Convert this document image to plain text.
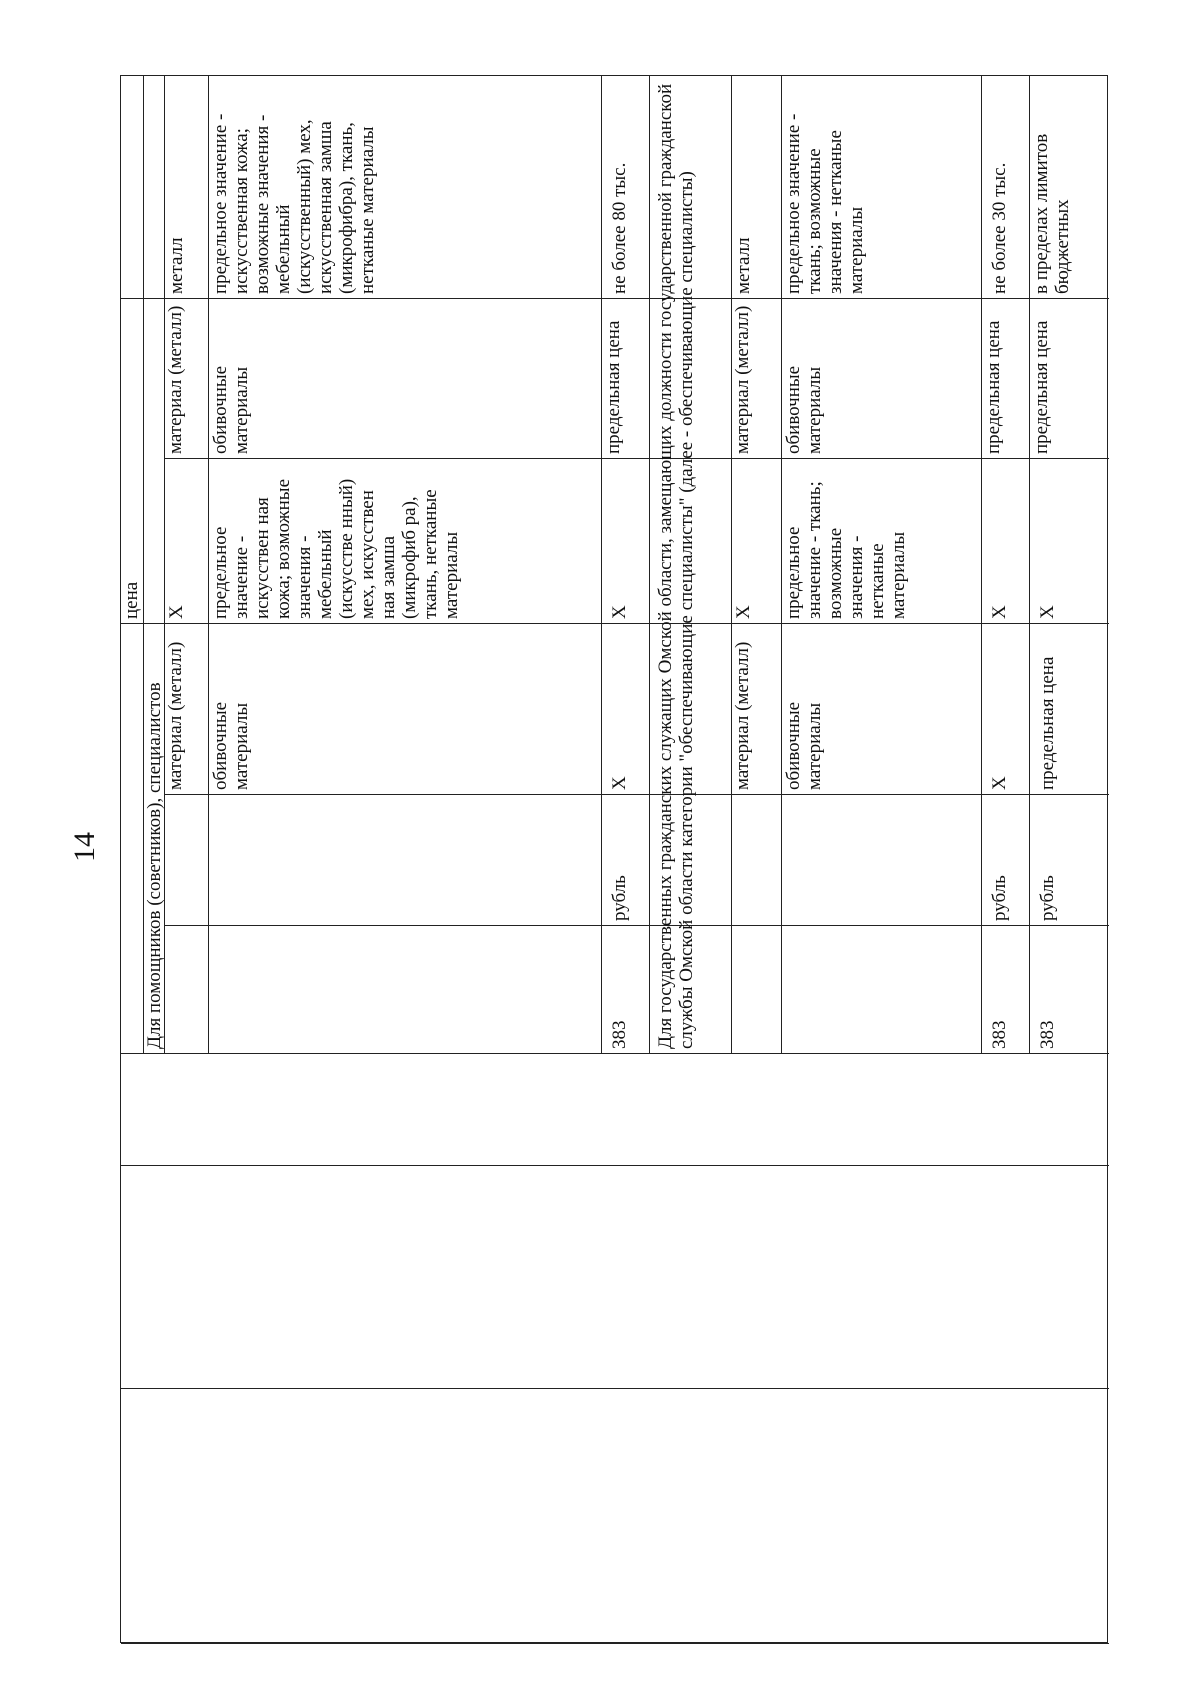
14
цена
Для помощников (советников), специалистов материал (металл)
X
материал (металл)
металл
обивочные материалы
предельное значение - искусствен ная кожа; возможные значения - мебельный (искусстве нный) мех, искусствен ная замша (микрофиб ра), ткань, нетканые материалы
обивочные материалы
предельное значение - искусственная кожа; возможные значения - мебельный (искусственный) мех, искусственная замша (микрофибра), ткань, нетканые материалы
383
рубль
X
X
предельная цена
не более 80 тыс.	Для государственных гражданских служащих Омской области, замещающих должности государственной гражданской службы Омской области категории "обеспечивающие специалисты" (далее - обеспечивающие специалисты)	материал (металл)
X
материал (металл)
металл
обивочные материалы
предельное значение - ткань; возможные значения - нетканые материалы
обивочные материалы
предельное значение - ткань; возможные значения - нетканые материалы
383
рубль
X
X
предельная цена
не более 30 тыс.
383
рубль
предельная цена
X
предельная цена
в пределах лимитов бюджетных
